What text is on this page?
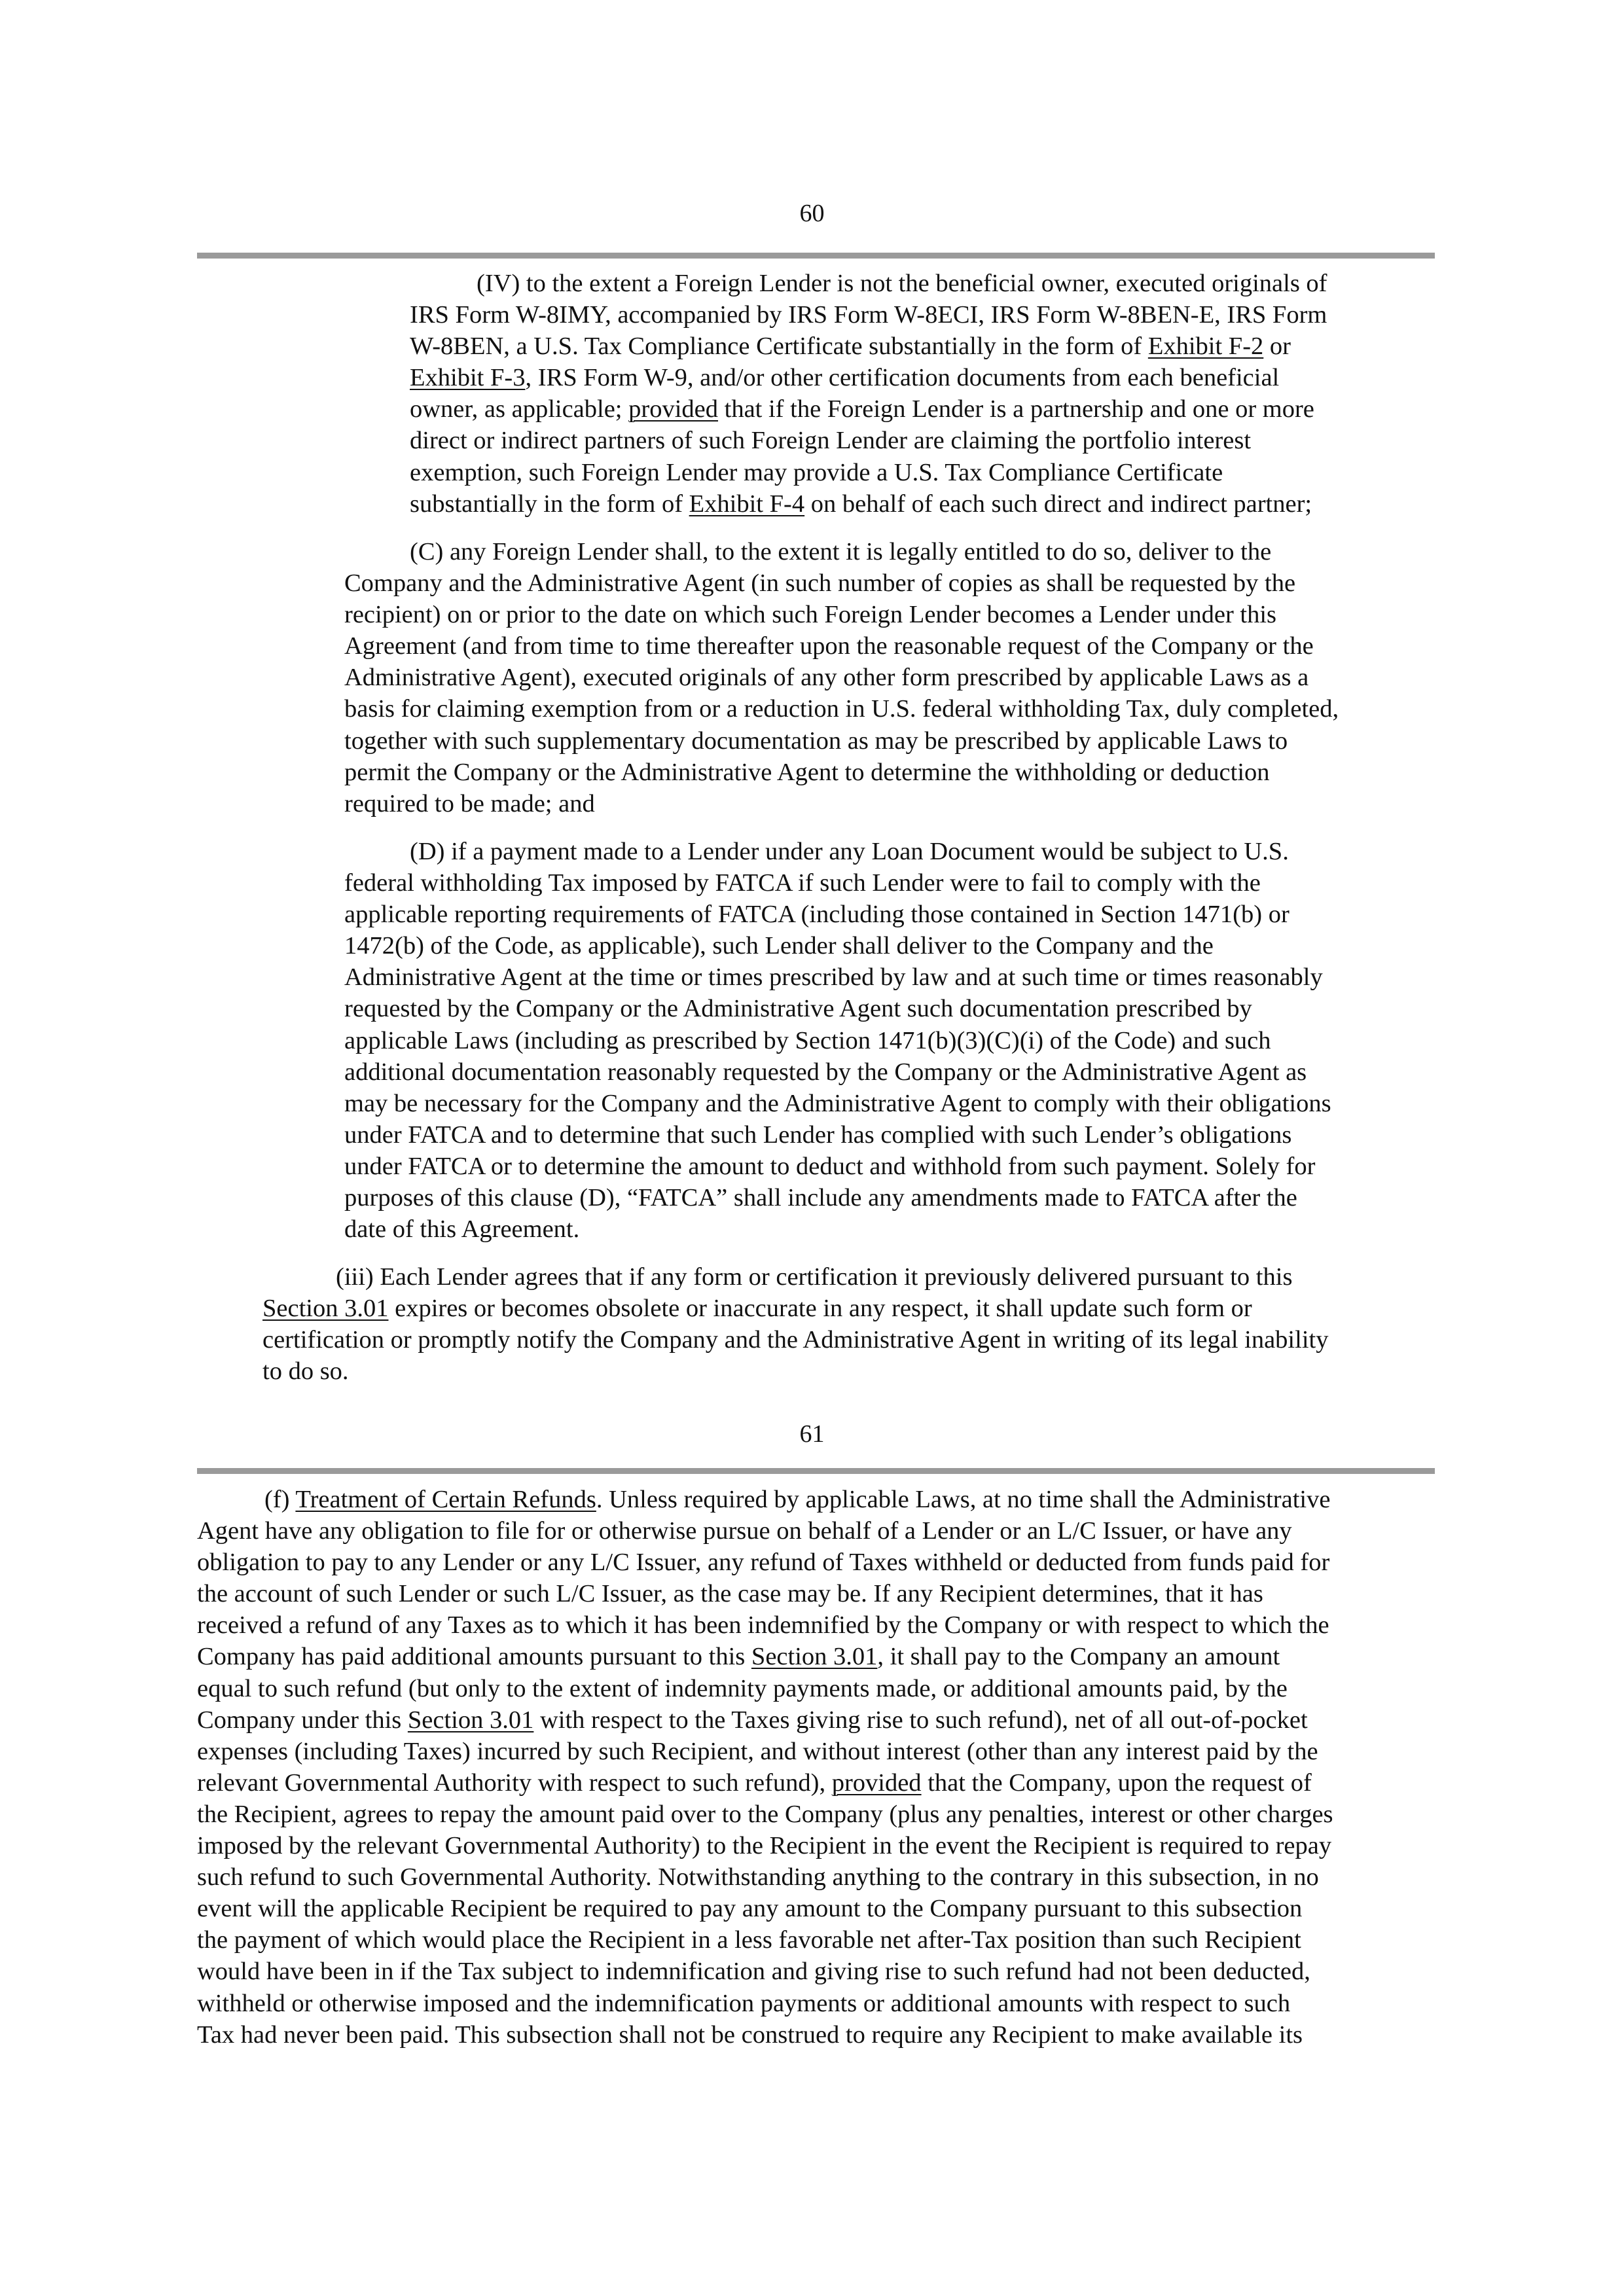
60
(IV) to the extent a Foreign Lender is not the beneficial owner, executed originals of
IRS Form W-8IMY, accompanied by IRS Form W-8ECI, IRS Form W-8BEN-E, IRS Form
W-8BEN, a U.S. Tax Compliance Certificate substantially in the form of Exhibit F-2 or
Exhibit F-3, IRS Form W-9, and/or other certification documents from each beneficial
owner, as applicable; provided that if the Foreign Lender is a partnership and one or more
direct or indirect partners of such Foreign Lender are claiming the portfolio interest
exemption, such Foreign Lender may provide a U.S. Tax Compliance Certificate
substantially in the form of Exhibit F-4 on behalf of each such direct and indirect partner;
(C) any Foreign Lender shall, to the extent it is legally entitled to do so, deliver to the
Company and the Administrative Agent (in such number of copies as shall be requested by the
recipient) on or prior to the date on which such Foreign Lender becomes a Lender under this
Agreement (and from time to time thereafter upon the reasonable request of the Company or the
Administrative Agent), executed originals of any other form prescribed by applicable Laws as a
basis for claiming exemption from or a reduction in U.S. federal withholding Tax, duly completed,
together with such supplementary documentation as may be prescribed by applicable Laws to
permit the Company or the Administrative Agent to determine the withholding or deduction
required to be made; and
(D) if a payment made to a Lender under any Loan Document would be subject to U.S.
federal withholding Tax imposed by FATCA if such Lender were to fail to comply with the
applicable reporting requirements of FATCA (including those contained in Section 1471(b) or
1472(b) of the Code, as applicable), such Lender shall deliver to the Company and the
Administrative Agent at the time or times prescribed by law and at such time or times reasonably
requested by the Company or the Administrative Agent such documentation prescribed by
applicable Laws (including as prescribed by Section 1471(b)(3)(C)(i) of the Code) and such
additional documentation reasonably requested by the Company or the Administrative Agent as
may be necessary for the Company and the Administrative Agent to comply with their obligations
under FATCA and to determine that such Lender has complied with such Lender’s obligations
under FATCA or to determine the amount to deduct and withhold from such payment. Solely for
purposes of this clause (D), “FATCA” shall include any amendments made to FATCA after the
date of this Agreement.
(iii) Each Lender agrees that if any form or certification it previously delivered pursuant to this
Section 3.01 expires or becomes obsolete or inaccurate in any respect, it shall update such form or
certification or promptly notify the Company and the Administrative Agent in writing of its legal inability
to do so.
61
(f) Treatment of Certain Refunds. Unless required by applicable Laws, at no time shall the Administrative
Agent have any obligation to file for or otherwise pursue on behalf of a Lender or an L/C Issuer, or have any
obligation to pay to any Lender or any L/C Issuer, any refund of Taxes withheld or deducted from funds paid for
the account of such Lender or such L/C Issuer, as the case may be. If any Recipient determines, that it has
received a refund of any Taxes as to which it has been indemnified by the Company or with respect to which the
Company has paid additional amounts pursuant to this Section 3.01, it shall pay to the Company an amount
equal to such refund (but only to the extent of indemnity payments made, or additional amounts paid, by the
Company under this Section 3.01 with respect to the Taxes giving rise to such refund), net of all out-of-pocket
expenses (including Taxes) incurred by such Recipient, and without interest (other than any interest paid by the
relevant Governmental Authority with respect to such refund), provided that the Company, upon the request of
the Recipient, agrees to repay the amount paid over to the Company (plus any penalties, interest or other charges
imposed by the relevant Governmental Authority) to the Recipient in the event the Recipient is required to repay
such refund to such Governmental Authority. Notwithstanding anything to the contrary in this subsection, in no
event will the applicable Recipient be required to pay any amount to the Company pursuant to this subsection
the payment of which would place the Recipient in a less favorable net after-Tax position than such Recipient
would have been in if the Tax subject to indemnification and giving rise to such refund had not been deducted,
withheld or otherwise imposed and the indemnification payments or additional amounts with respect to such
Tax had never been paid. This subsection shall not be construed to require any Recipient to make available its
